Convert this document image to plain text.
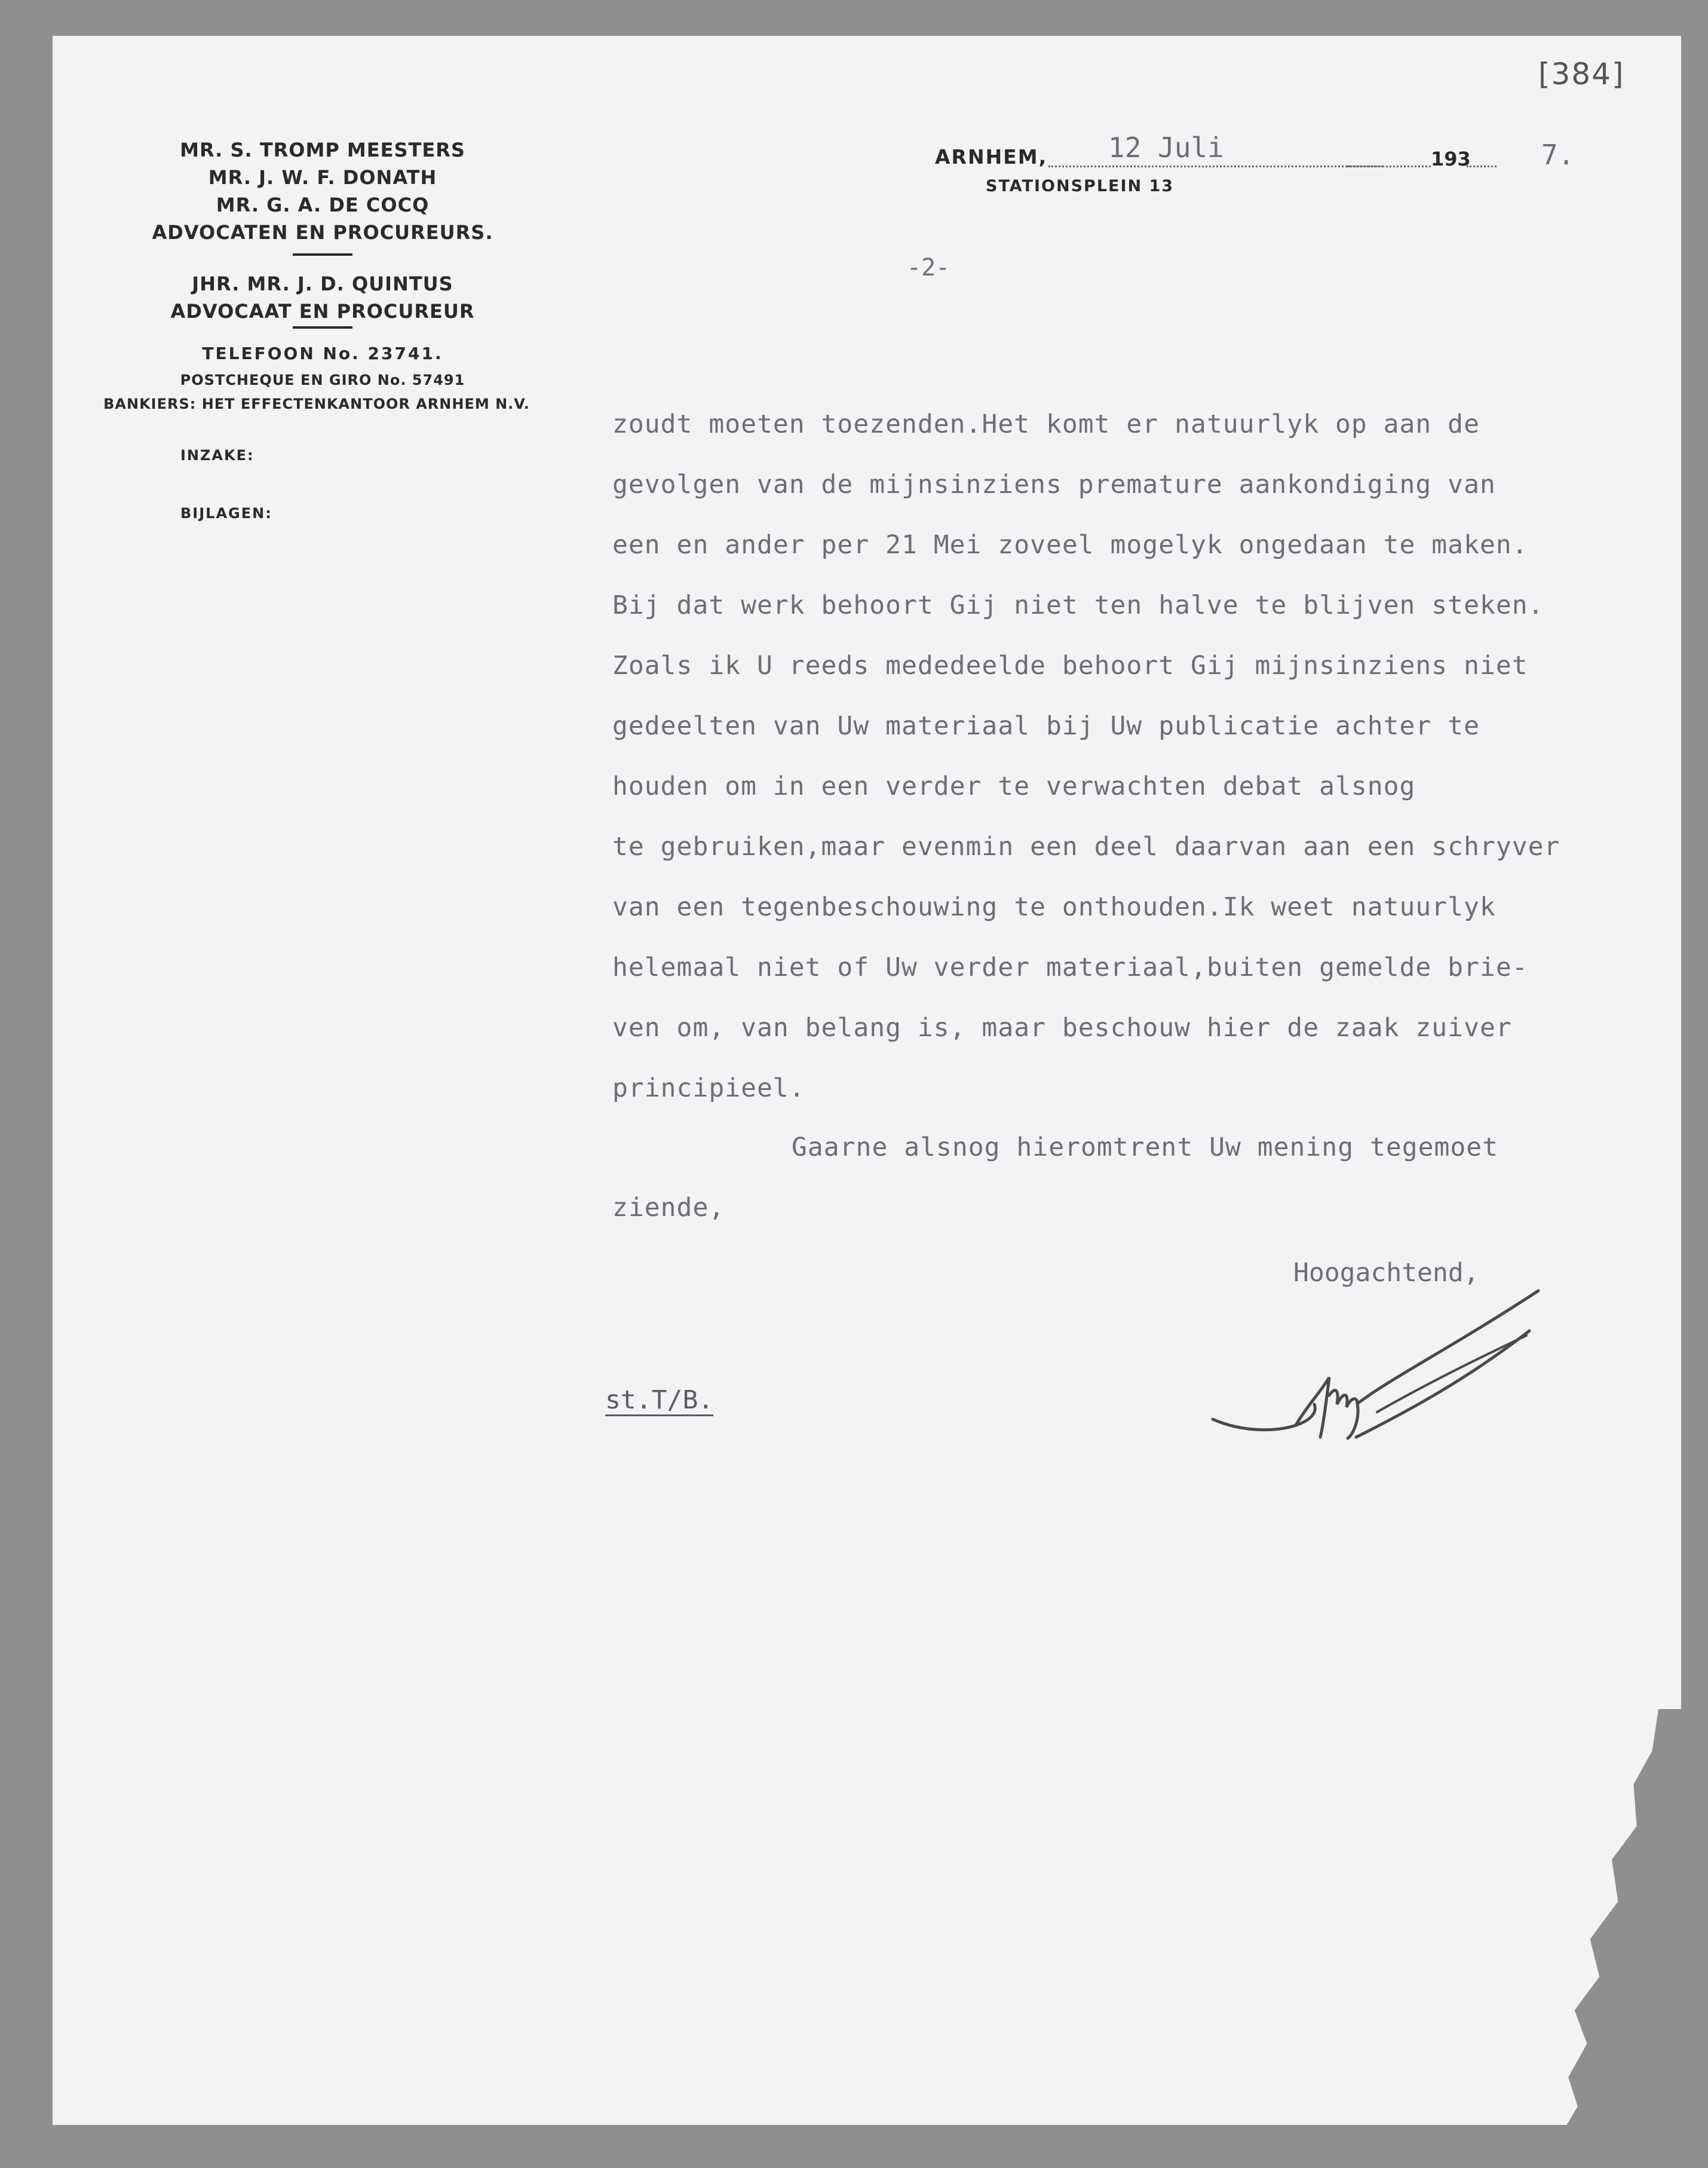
[384]
MR. S. TROMP MEESTERS
MR. J. W. F. DONATH
MR. G. A. DE COCQ
ADVOCATEN EN PROCUREURS.
JHR. MR. J. D. QUINTUS
ADVOCAAT EN PROCUREUR
TELEFOON No. 23741.
POSTCHEQUE EN GIRO No. 57491
BANKIERS: HET EFFECTENKANTOOR ARNHEM N.V.
INZAKE:
BIJLAGEN:
ARNHEM, 12 Juli	193	7.
STATIONSPLEIN 13
-2-
zoudt moeten toezenden.Het komt er natuurlyk op aan de
gevolgen van de mijnsinziens premature aankondiging van
een en ander per 21 Mei zoveel mogelyk ongedaan te maken.
Bij dat werk behoort Gij niet ten halve te blijven steken.
Zoals ik U reeds mededeelde behoort Gij mijnsinziens niet
gedeelten van Uw materiaal bij Uw publicatie achter te
houden om in een verder te verwachten debat alsnog
te gebruiken,maar evenmin een deel daarvan aan een schryver
van een tegenbeschouwing te onthouden.Ik weet natuurlyk
helemaal niet of Uw verder materiaal,buiten gemelde brie-
ven om, van belang is, maar beschouw hier de zaak zuiver
principieel.
Gaarne alsnog hieromtrent Uw mening tegemoet
ziende,
Hoogachtend,
st.T/B.
